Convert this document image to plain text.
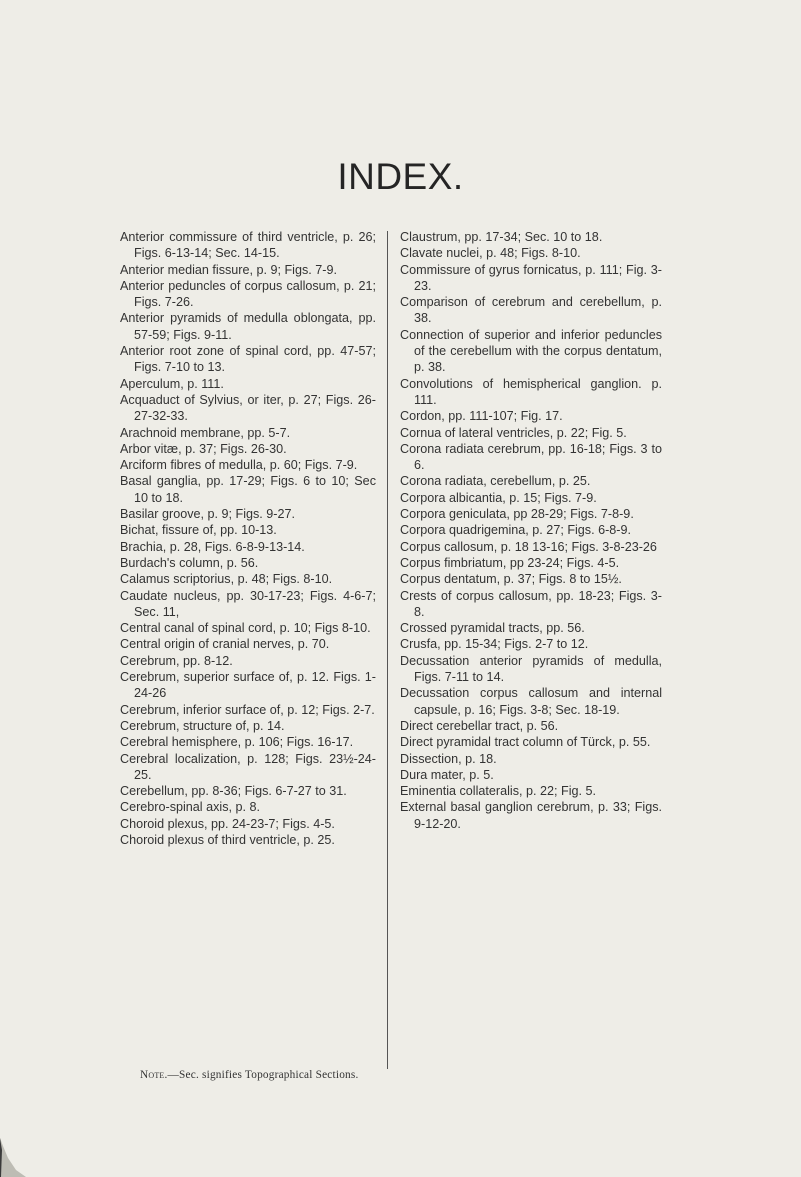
INDEX.

Anterior commissure of third ventricle, p. 26; Figs. 6-13-14; Sec. 14-15.

Anterior median fissure, p. 9; Figs. 7-9.

Anterior peduncles of corpus callosum, p. 21; Figs. 7-26.

Anterior pyramids of medulla oblongata, pp. 57-59; Figs. 9-11.

Anterior root zone of spinal cord, pp. 47-57; Figs. 7-10 to 13.

Aperculum, p. 111.

Acquaduct of Sylvius, or iter, p. 27; Figs. 26-27-32-33.

Arachnoid membrane, pp. 5-7.

Arbor vitæ, p. 37; Figs. 26-30.

Arciform fibres of medulla, p. 60; Figs. 7-9.

Basal ganglia, pp. 17-29; Figs. 6 to 10; Sec 10 to 18.

Basilar groove, p. 9; Figs. 9-27.

Bichat, fissure of, pp. 10-13.

Brachia, p. 28, Figs. 6-8-9-13-14.

Burdach's column, p. 56.

Calamus scriptorius, p. 48; Figs. 8-10.

Caudate nucleus, pp. 30-17-23; Figs. 4-6-7; Sec. 11,

Central canal of spinal cord, p. 10; Figs 8-10.

Central origin of cranial nerves, p. 70.

Cerebrum, pp. 8-12.

Cerebrum, superior surface of, p. 12. Figs. 1-24-26

Cerebrum, inferior surface of, p. 12; Figs. 2-7.

Cerebrum, structure of, p. 14.

Cerebral hemisphere, p. 106; Figs. 16-17.

Cerebral localization, p. 128; Figs. 23½-24-25.

Cerebellum, pp. 8-36; Figs. 6-7-27 to 31.

Cerebro-spinal axis, p. 8.

Choroid plexus, pp. 24-23-7; Figs. 4-5.

Choroid plexus of third ventricle, p. 25.

Claustrum, pp. 17-34; Sec. 10 to 18.

Clavate nuclei, p. 48; Figs. 8-10.

Commissure of gyrus fornicatus, p. 111; Fig. 3-23.

Comparison of cerebrum and cerebellum, p. 38.

Connection of superior and inferior peduncles of the cerebellum with the corpus dentatum, p. 38.

Convolutions of hemispherical ganglion. p. 111.

Cordon, pp. 111-107; Fig. 17.

Cornua of lateral ventricles, p. 22; Fig. 5.

Corona radiata cerebrum, pp. 16-18; Figs. 3 to 6.

Corona radiata, cerebellum, p. 25.

Corpora albicantia, p. 15; Figs. 7-9.

Corpora geniculata, pp 28-29; Figs. 7-8-9.

Corpora quadrigemina, p. 27; Figs. 6-8-9.

Corpus callosum, p. 18 13-16; Figs. 3-8-23-26

Corpus fimbriatum, pp 23-24; Figs. 4-5.

Corpus dentatum, p. 37; Figs. 8 to 15½.

Crests of corpus callosum, pp. 18-23; Figs. 3-8.

Crossed pyramidal tracts, pp. 56.

Crusfa, pp. 15-34; Figs. 2-7 to 12.

Decussation anterior pyramids of medulla, Figs. 7-11 to 14.

Decussation corpus callosum and internal capsule, p. 16; Figs. 3-8; Sec. 18-19.

Direct cerebellar tract, p. 56.

Direct pyramidal tract column of Türck, p. 55.

Dissection, p. 18.

Dura mater, p. 5.

Eminentia collateralis, p. 22; Fig. 5.

External basal ganglion cerebrum, p. 33; Figs. 9-12-20.

Note.—Sec. signifies Topographical Sections.
